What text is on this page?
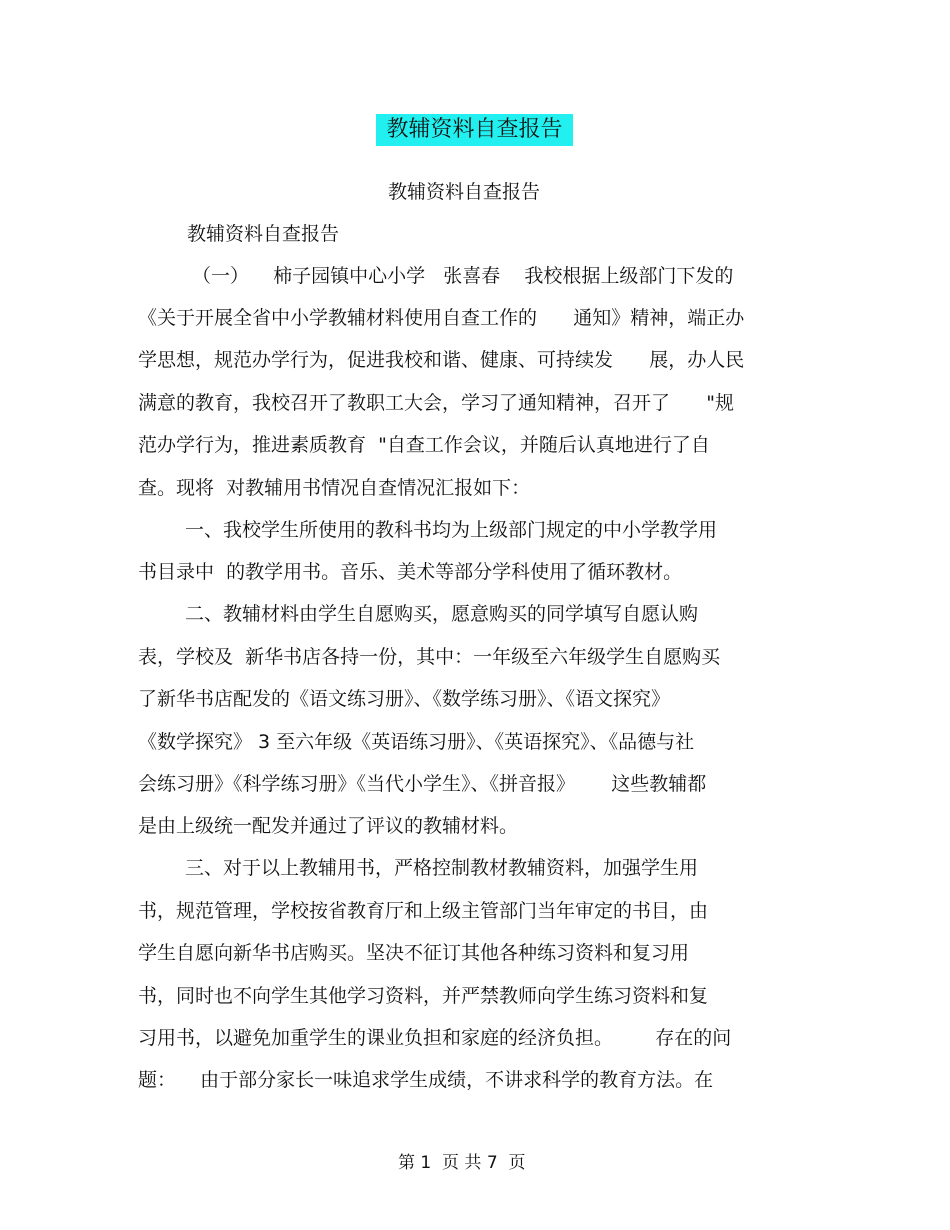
教辅资料自查报告
教辅资料自查报告
教辅资料自查报告
（一）    柿子园镇中心小学   张喜春    我校根据上级部门下发的
《关于开展全省中小学教辅材料使用自查工作的      通知》精神，端正办
学思想，规范办学行为，促进我校和谐、健康、可持续发      展，办人民
满意的教育，我校召开了教职工大会，学习了通知精神，召开了      "规
范办学行为，推进素质教育  "自查工作会议，并随后认真地进行了自
查。现将  对教辅用书情况自查情况汇报如下：
一、我校学生所使用的教科书均为上级部门规定的中小学教学用
书目录中  的教学用书。音乐、美术等部分学科使用了循环教材。
二、教辅材料由学生自愿购买，愿意购买的同学填写自愿认购
表，学校及  新华书店各持一份，其中：一年级至六年级学生自愿购买
了新华书店配发的《语文练习册》、《数学练习册》、《语文探究》
《数学探究》 3 至六年级《英语练习册》、《英语探究》、《品德与社
会练习册》《科学练习册》《当代小学生》、《拼音报》      这些教辅都
是由上级统一配发并通过了评议的教辅材料。
三、对于以上教辅用书，严格控制教材教辅资料，加强学生用
书，规范管理，学校按省教育厅和上级主管部门当年审定的书目，由
学生自愿向新华书店购买。坚决不征订其他各种练习资料和复习用
书，同时也不向学生其他学习资料，并严禁教师向学生练习资料和复
习用书，以避免加重学生的课业负担和家庭的经济负担。       存在的问
题：    由于部分家长一味追求学生成绩，不讲求科学的教育方法。在
第 1  页 共 7  页
